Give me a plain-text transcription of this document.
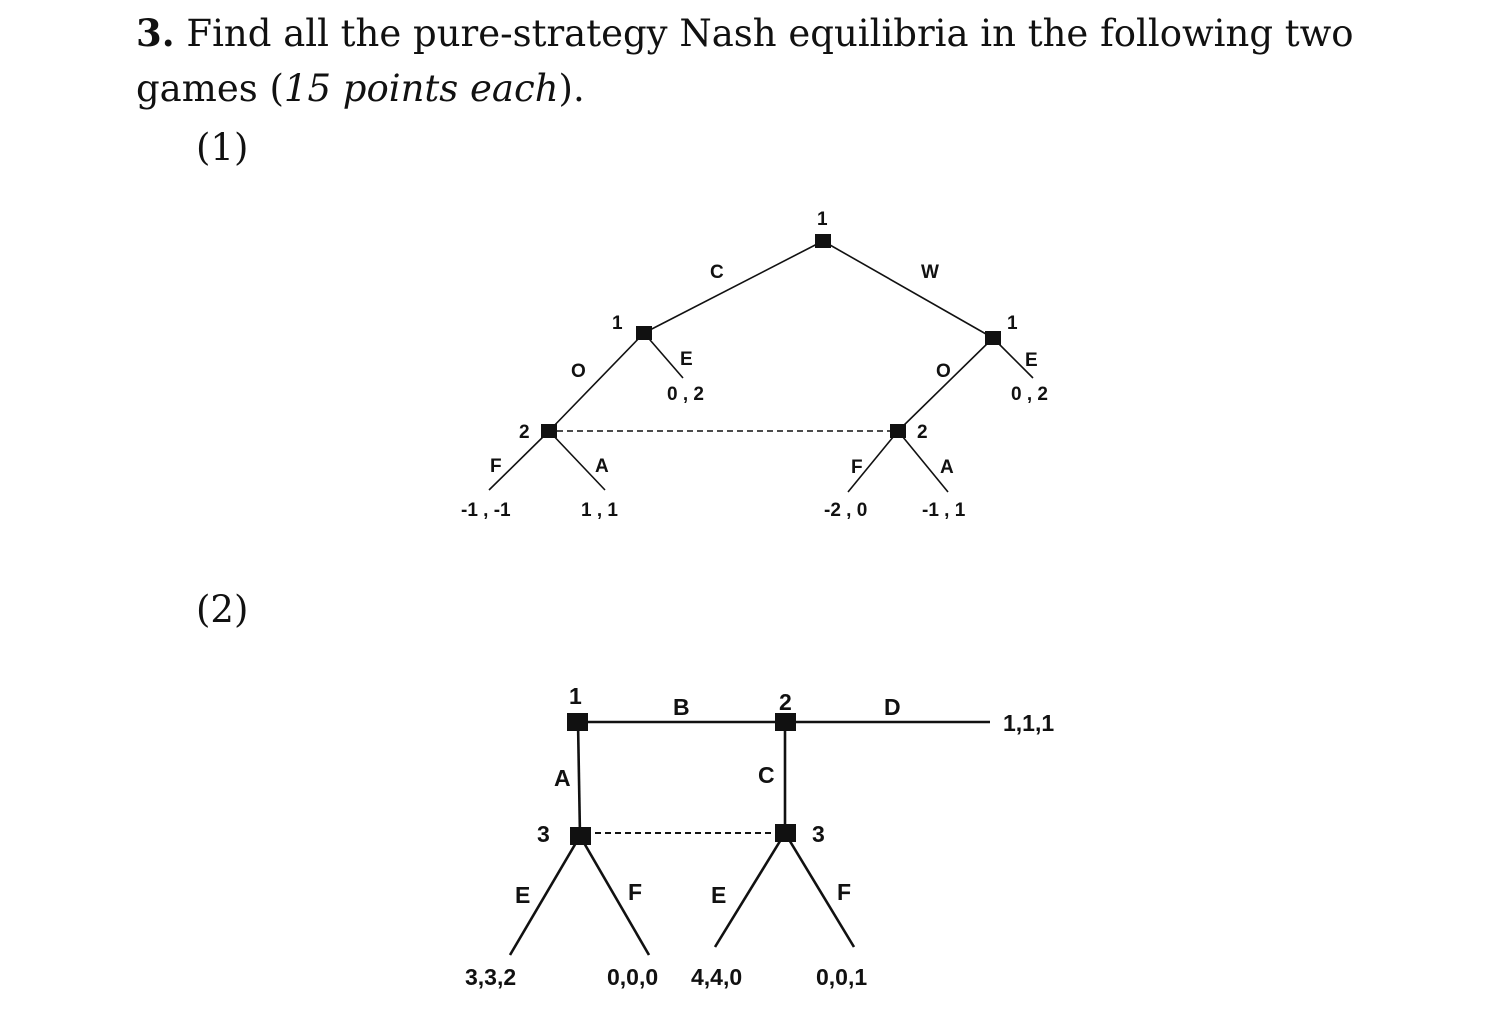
3. Find all the pure-strategy Nash equilibria in the following two games (15 points each).
(1)
(2)
1
1	1
2	2
C	W
O
E
O
E
F	A	F	A
0 , 2	0 , 2
-1 , -1	1 , 1	-2 , 0	-1 , 1
1	2
3	3
B	D
A	C
E	F	E	F
1,1,1
3,3,2	0,0,0 4,4,0	0,0,1
